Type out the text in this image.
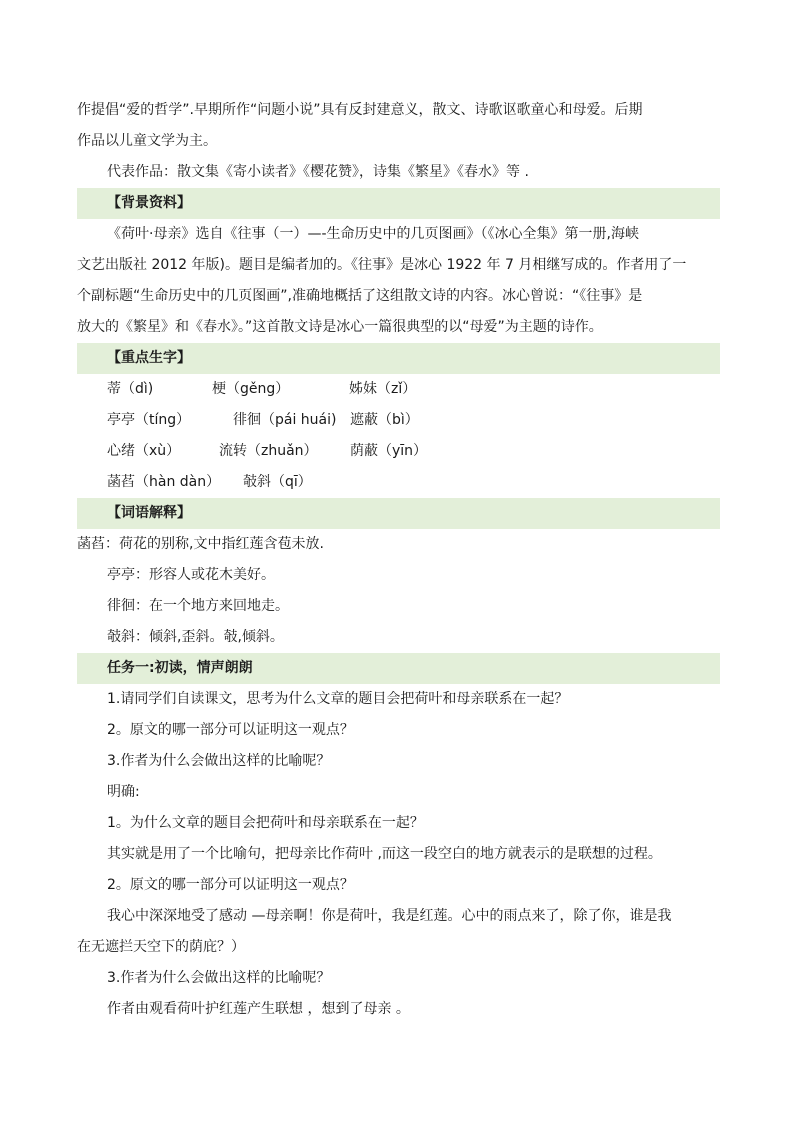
作提倡“爱的哲学”.早期所作“问题小说”具有反封建意义，散文、诗歌讴歌童心和母爱。后期
作品以儿童文学为主。
代表作品：散文集《寄小读者》《樱花赞》，诗集《繁星》《春水》等 .
【背景资料】
《荷叶·母亲》选自《往事（一）—-生命历史中的几页图画》（《冰心全集》第一册,海峡
文艺出版社 2012 年版)。题目是编者加的。《往事》是冰心 1922 年 7 月相继写成的。作者用了一
个副标题“生命历史中的几页图画”,准确地概括了这组散文诗的内容。冰心曾说：“《往事》是
放大的《繁星》和《春水》。”这首散文诗是冰心一篇很典型的以“母爱”为主题的诗作。
【重点生字】
蒂（dì)	梗（gěng）	姊妹（zǐ）
亭亭（tíng）	徘徊（pái huái) 遮蔽（bì）
心绪（xù）	流转（zhuǎn）	荫蔽（yīn）
菡萏（hàn dàn）	攲斜（qī）
【词语解释】
菡萏：荷花的别称,文中指红莲含苞未放.
亭亭：形容人或花木美好。
徘徊：在一个地方来回地走。
攲斜：倾斜,歪斜。攲,倾斜。
任务一:初读，情声朗朗
1.请同学们自读课文，思考为什么文章的题目会把荷叶和母亲联系在一起？
2。原文的哪一部分可以证明这一观点？
3.作者为什么会做出这样的比喻呢？
明确:
1。为什么文章的题目会把荷叶和母亲联系在一起？
其实就是用了一个比喻句，把母亲比作荷叶 ,而这一段空白的地方就表示的是联想的过程。
2。原文的哪一部分可以证明这一观点？
我心中深深地受了感动 —母亲啊！你是荷叶，我是红莲。心中的雨点来了，除了你，谁是我
在无遮拦天空下的荫庇？）
3.作者为什么会做出这样的比喻呢？
作者由观看荷叶护红莲产生联想 ，想到了母亲 。
